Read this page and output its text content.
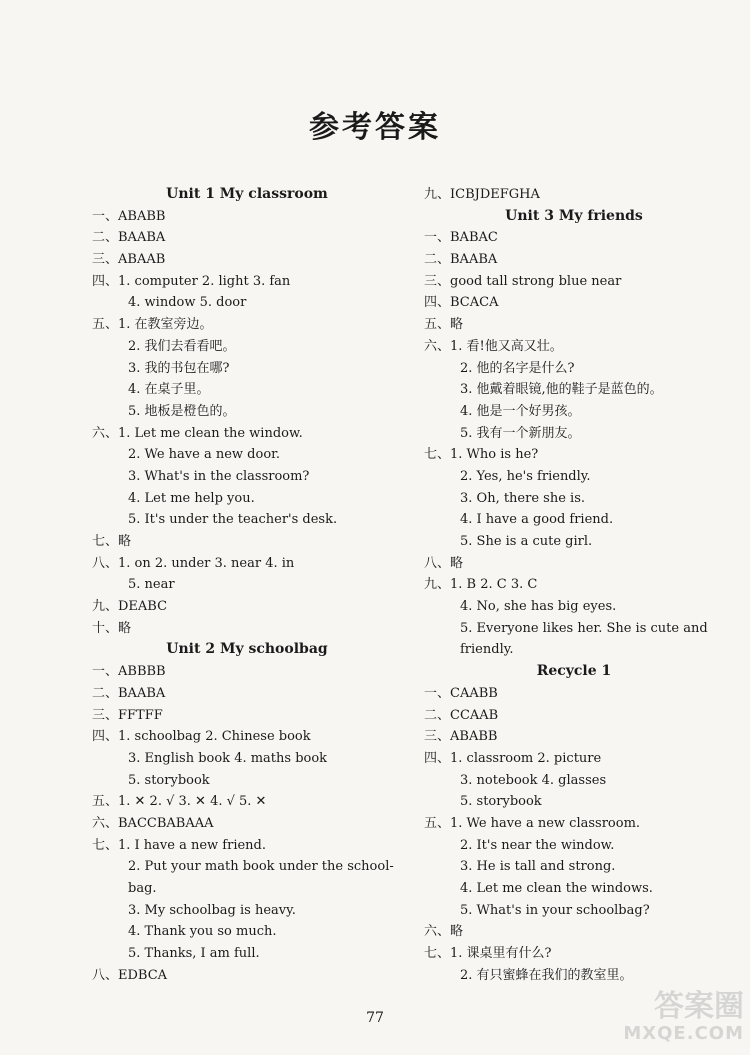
参考答案
Unit 1 My classroom
一、ABABB
二、BAABA
三、ABAAB
四、1. computer 2. light 3. fan
4. window 5. door
五、1. 在教室旁边。
2. 我们去看看吧。
3. 我的书包在哪?
4. 在桌子里。
5. 地板是橙色的。
六、1. Let me clean the window.
2. We have a new door.
3. What's in the classroom?
4. Let me help you.
5. It's under the teacher's desk.
七、略
八、1. on 2. under 3. near 4. in
5. near
九、DEABC
十、略
Unit 2 My schoolbag
一、ABBBB
二、BAABA
三、FFTFF
四、1. schoolbag 2. Chinese book
3. English book 4. maths book
5. storybook
五、1. ✕ 2. √ 3. ✕ 4. √ 5. ✕
六、BACCBABAAA
七、1. I have a new friend.
2. Put your math book under the school-
bag.
3. My schoolbag is heavy.
4. Thank you so much.
5. Thanks, I am full.
八、EDBCA
九、ICBJDEFGHA
Unit 3 My friends
一、BABAC
二、BAABA
三、good tall strong blue near
四、BCACA
五、略
六、1. 看!他又高又壮。
2. 他的名字是什么?
3. 他戴着眼镜,他的鞋子是蓝色的。
4. 他是一个好男孩。
5. 我有一个新朋友。
七、1. Who is he?
2. Yes, he's friendly.
3. Oh, there she is.
4. I have a good friend.
5. She is a cute girl.
八、略
九、1. B 2. C 3. C
4. No, she has big eyes.
5. Everyone likes her. She is cute and
friendly.
Recycle 1
一、CAABB
二、CCAAB
三、ABABB
四、1. classroom 2. picture
3. notebook 4. glasses
5. storybook
五、1. We have a new classroom.
2. It's near the window.
3. He is tall and strong.
4. Let me clean the windows.
5. What's in your schoolbag?
六、略
七、1. 课桌里有什么?
2. 有只蜜蜂在我们的教室里。
77	答案圈
MXQE.COM
